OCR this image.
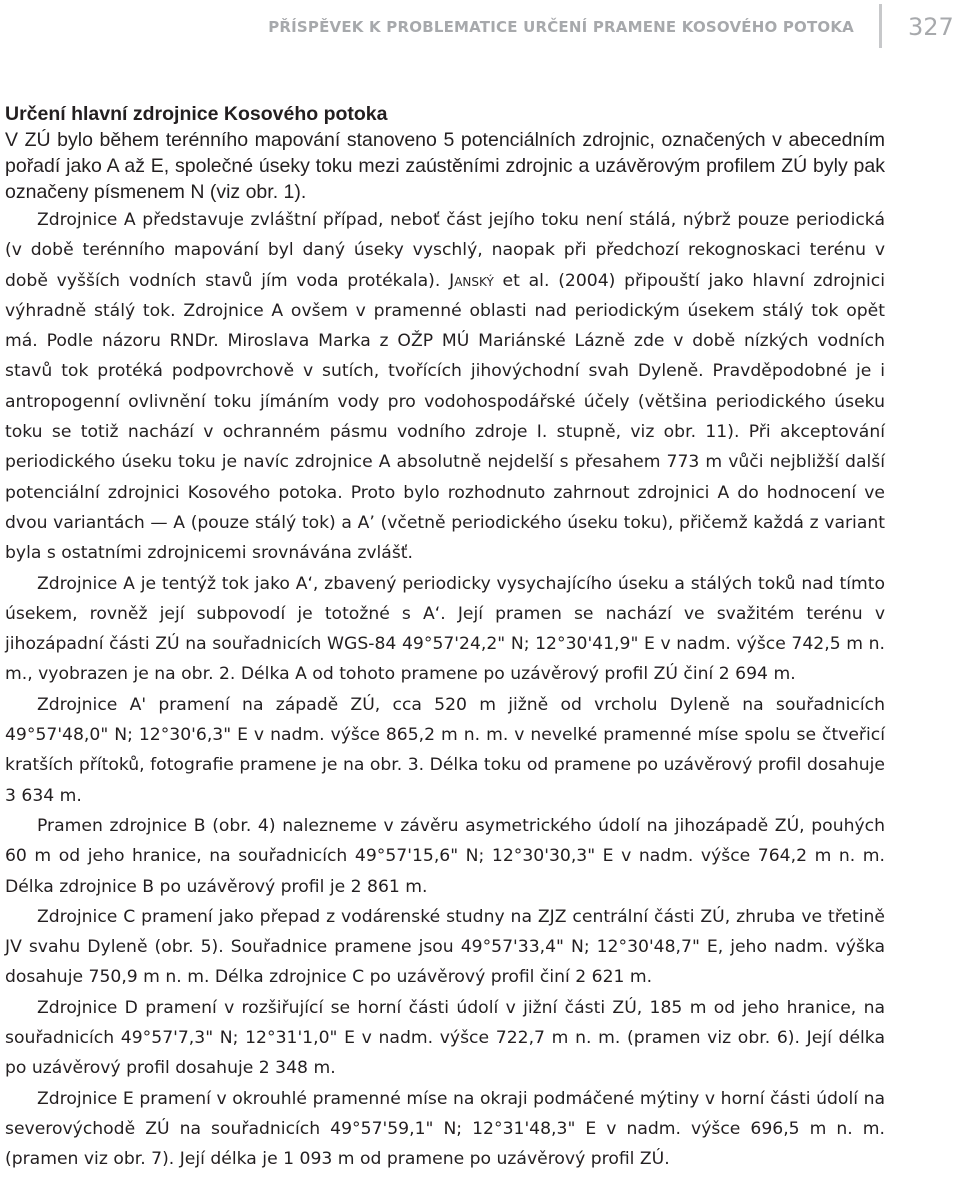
PŘÍSPĚVEK K PROBLEMATICE URČENÍ PRAMENE KOSOVÉHO POTOKA 327
Určení hlavní zdrojnice Kosového potoka

V ZÚ bylo během terénního mapování stanoveno 5 potenciálních zdrojnic, označených v abecedním pořadí jako A až E, společné úseky toku mezi zaústěními zdrojnic a uzávěrovým profilem ZÚ byly pak označeny písmenem N (viz obr. 1).

Zdrojnice A představuje zvláštní případ, neboť část jejího toku není stálá, nýbrž pouze periodická (v době terénního mapování byl daný úseky vyschlý, naopak při předchozí rekognoskaci terénu v době vyšších vodních stavů jím voda protékala). Janský et al. (2004) připouští jako hlavní zdrojnici výhradně stálý tok. Zdrojnice A ovšem v pramenné oblasti nad periodickým úsekem stálý tok opět má. Podle názoru RNDr. Miroslava Marka z OŽP MÚ Mariánské Lázně zde v době nízkých vodních stavů tok protéká podpovrchově v sutích, tvořících jihovýchodní svah Dyleně. Pravděpodobné je i antropogenní ovlivnění toku jímáním vody pro vodohospodářské účely (většina periodického úseku toku se totiž nachází v ochranném pásmu vodního zdroje I. stupně, viz obr. 11). Při akceptování periodického úseku toku je navíc zdrojnice A absolutně nejdelší s přesahem 773 m vůči nejbližší další potenciální zdrojnici Kosového potoka. Proto bylo rozhodnuto zahrnout zdrojnici A do hodnocení ve dvou variantách — A (pouze stálý tok) a A’ (včetně periodického úseku toku), přičemž každá z variant byla s ostatními zdrojnicemi srovnávána zvlášť.

Zdrojnice A je tentýž tok jako A‘, zbavený periodicky vysychajícího úseku a stálých toků nad tímto úsekem, rovněž její subpovodí je totožné s A‘. Její pramen se nachází ve svažitém terénu v jihozápadní části ZÚ na souřadnicích WGS-84 49°57'24,2" N; 12°30'41,9" E v nadm. výšce 742,5 m n. m., vyobrazen je na obr. 2. Délka A od tohoto pramene po uzávěrový profil ZÚ činí 2 694 m.

Zdrojnice A' pramení na západě ZÚ, cca 520 m jižně od vrcholu Dyleně na souřadnicích 49°57'48,0" N; 12°30'6,3" E v nadm. výšce 865,2 m n. m. v nevelké pramenné míse spolu se čtveřicí kratších přítoků, fotografie pramene je na obr. 3. Délka toku od pramene po uzávěrový profil dosahuje 3 634 m.

Pramen zdrojnice B (obr. 4) nalezneme v závěru asymetrického údolí na jihozápadě ZÚ, pouhých 60 m od jeho hranice, na souřadnicích 49°57'15,6" N; 12°30'30,3" E v nadm. výšce 764,2 m n. m. Délka zdrojnice B po uzávěrový profil je 2 861 m.

Zdrojnice C pramení jako přepad z vodárenské studny na ZJZ centrální části ZÚ, zhruba ve třetině JV svahu Dyleně (obr. 5). Souřadnice pramene jsou 49°57'33,4" N; 12°30'48,7" E, jeho nadm. výška dosahuje 750,9 m n. m. Délka zdrojnice C po uzávěrový profil činí 2 621 m.

Zdrojnice D pramení v rozšiřující se horní části údolí v jižní části ZÚ, 185 m od jeho hranice, na souřadnicích 49°57'7,3" N; 12°31'1,0" E v nadm. výšce 722,7 m n. m. (pramen viz obr. 6). Její délka po uzávěrový profil dosahuje 2 348 m.

Zdrojnice E pramení v okrouhlé pramenné míse na okraji podmáčené mýtiny v horní části údolí na severovýchodě ZÚ na souřadnicích 49°57'59,1" N; 12°31'48,3" E v nadm. výšce 696,5 m n. m. (pramen viz obr. 7). Její délka je 1 093 m od pramene po uzávěrový profil ZÚ.
